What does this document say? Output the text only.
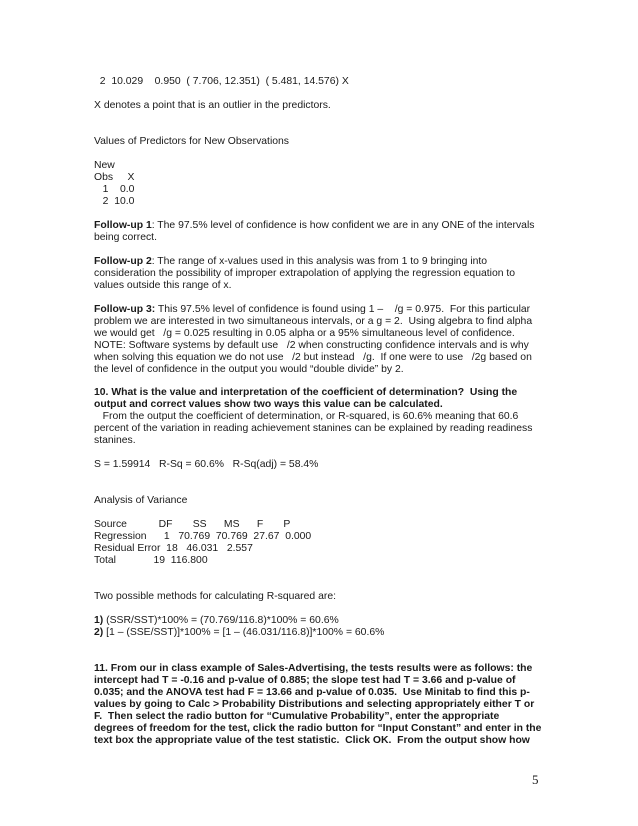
2  10.029    0.950  ( 7.706, 12.351)  ( 5.481, 14.576) X
X denotes a point that is an outlier in the predictors.
Values of Predictors for New Observations
New
Obs     X
1    0.0
2  10.0
Follow-up 1: The 97.5% level of confidence is how confident we are in any ONE of the intervals
being correct.
Follow-up 2: The range of x-values used in this analysis was from 1 to 9 bringing into
consideration the possibility of improper extrapolation of applying the regression equation to
values outside this range of x.
Follow-up 3: This 97.5% level of confidence is found using 1 –    /g = 0.975.  For this particular
problem we are interested in two simultaneous intervals, or a g = 2.  Using algebra to find alpha
we would get   /g = 0.025 resulting in 0.05 alpha or a 95% simultaneous level of confidence.
NOTE: Software systems by default use   /2 when constructing confidence intervals and is why
when solving this equation we do not use   /2 but instead   /g.  If one were to use   /2g based on
the level of confidence in the output you would “double divide” by 2.
10. What is the value and interpretation of the coefficient of determination?  Using the
output and correct values show two ways this value can be calculated.
From the output the coefficient of determination, or R-squared, is 60.6% meaning that 60.6
percent of the variation in reading achievement stanines can be explained by reading readiness
stanines.
S = 1.59914   R-Sq = 60.6%   R-Sq(adj) = 58.4%
Analysis of Variance
Source           DF       SS      MS      F       P
Regression      1   70.769  70.769  27.67  0.000
Residual Error  18   46.031   2.557
Total             19  116.800
Two possible methods for calculating R-squared are:
1) (SSR/SST)*100% = (70.769/116.8)*100% = 60.6%
2) [1 – (SSE/SST)]*100% = [1 – (46.031/116.8)]*100% = 60.6%
11. From our in class example of Sales-Advertising, the tests results were as follows: the
intercept had T = -0.16 and p-value of 0.885; the slope test had T = 3.66 and p-value of
0.035; and the ANOVA test had F = 13.66 and p-value of 0.035.  Use Minitab to find this p-
values by going to Calc > Probability Distributions and selecting appropriately either T or
F.  Then select the radio button for “Cumulative Probability”, enter the appropriate
degrees of freedom for the test, click the radio button for “Input Constant” and enter in the
text box the appropriate value of the test statistic.  Click OK.  From the output show how
5
